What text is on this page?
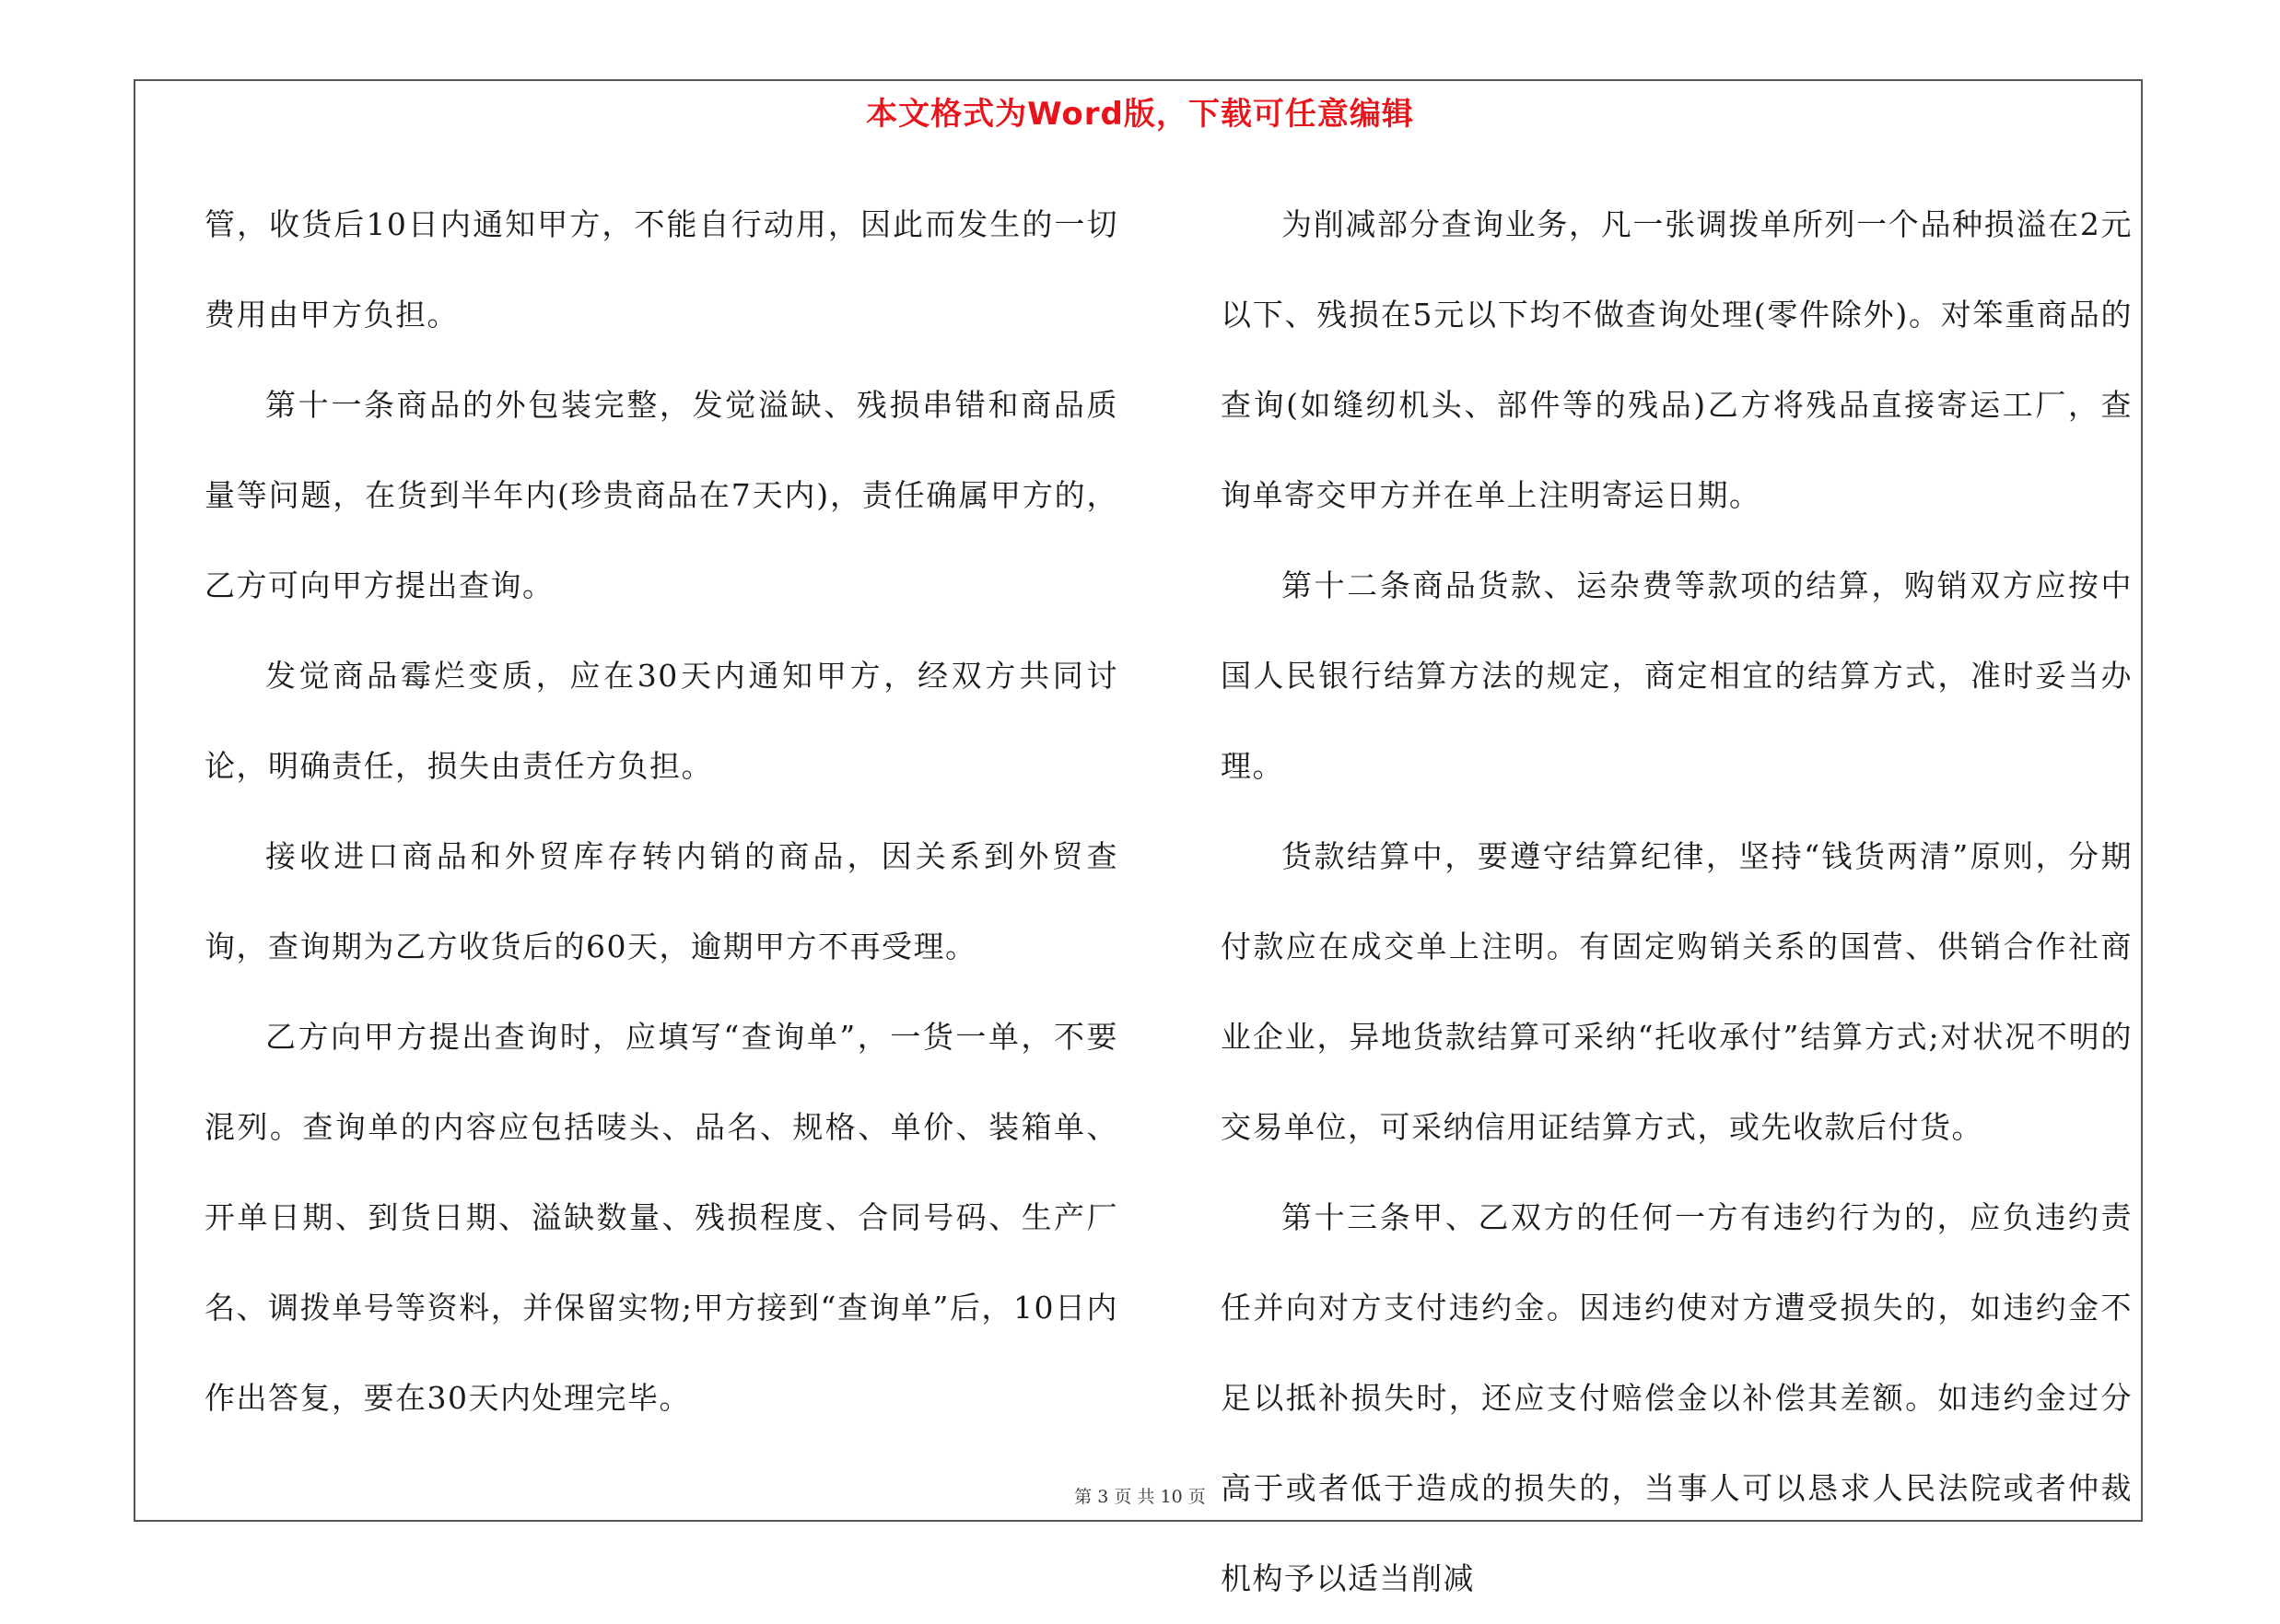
本文格式为Word版，下载可任意编辑

管，收货后10日内通知甲方，不能自行动用，因此而发生的一切费用由甲方负担。

第十一条商品的外包装完整，发觉溢缺、残损串错和商品质量等问题，在货到半年内(珍贵商品在7天内)，责任确属甲方的，乙方可向甲方提出查询。

发觉商品霉烂变质，应在30天内通知甲方，经双方共同讨论，明确责任，损失由责任方负担。

接收进口商品和外贸库存转内销的商品，因关系到外贸查询，查询期为乙方收货后的60天，逾期甲方不再受理。

乙方向甲方提出查询时，应填写“查询单”，一货一单，不要混列。查询单的内容应包括唛头、品名、规格、单价、装箱单、开单日期、到货日期、溢缺数量、残损程度、合同号码、生产厂名、调拨单号等资料，并保留实物;甲方接到“查询单”后，10日内作出答复，要在30天内处理完毕。

为削减部分查询业务，凡一张调拨单所列一个品种损溢在2元以下、残损在5元以下均不做查询处理(零件除外)。对笨重商品的查询(如缝纫机头、部件等的残品)乙方将残品直接寄运工厂，查询单寄交甲方并在单上注明寄运日期。

第十二条商品货款、运杂费等款项的结算，购销双方应按中国人民银行结算方法的规定，商定相宜的结算方式，准时妥当办理。

货款结算中，要遵守结算纪律，坚持“钱货两清”原则，分期付款应在成交单上注明。有固定购销关系的国营、供销合作社商业企业，异地货款结算可采纳“托收承付”结算方式;对状况不明的交易单位，可采纳信用证结算方式，或先收款后付货。

第十三条甲、乙双方的任何一方有违约行为的，应负违约责任并向对方支付违约金。因违约使对方遭受损失的，如违约金不足以抵补损失时，还应支付赔偿金以补偿其差额。如违约金过分高于或者低于造成的损失的，当事人可以恳求人民法院或者仲裁机构予以适当削减

第 3 页 共 10 页
